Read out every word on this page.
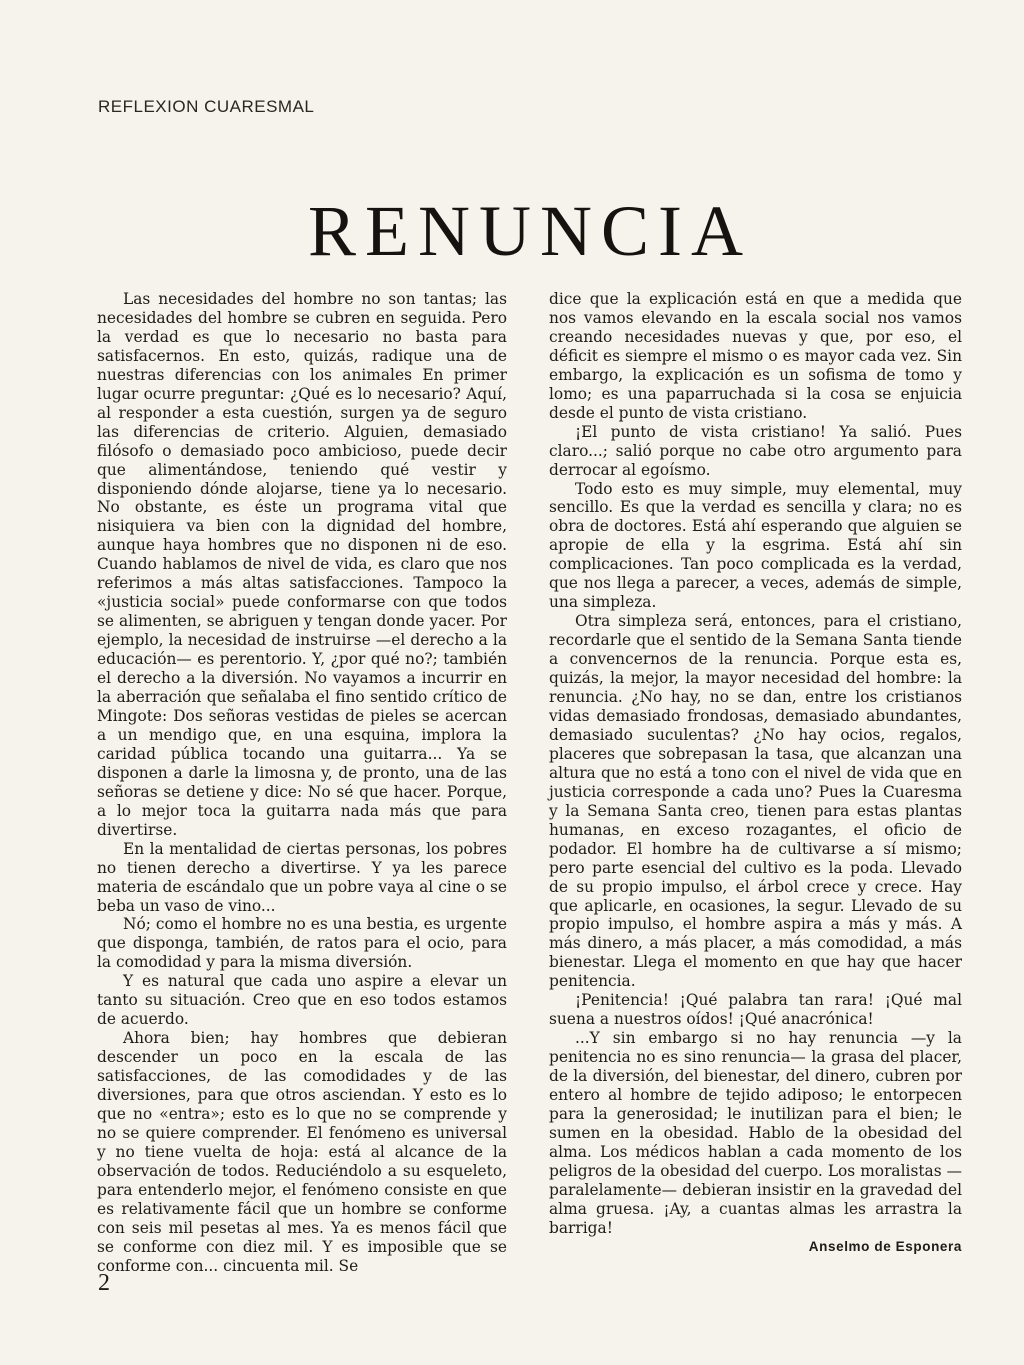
REFLEXION CUARESMAL
RENUNCIA

Las necesidades del hombre no son tantas; las necesidades del hombre se cubren en seguida. Pero la verdad es que lo necesario no basta para satisfacernos. En esto, quizás, radique una de nuestras diferencias con los animales En primer lugar ocurre preguntar: ¿Qué es lo necesario? Aquí, al responder a esta cuestión, surgen ya de seguro las diferencias de criterio. Alguien, demasiado filósofo o demasiado poco ambicioso, puede decir que alimentándose, teniendo qué vestir y disponiendo dónde alojarse, tiene ya lo necesario. No obstante, es éste un programa vital que nisiquiera va bien con la dignidad del hombre, aunque haya hombres que no disponen ni de eso. Cuando hablamos de nivel de vida, es claro que nos referimos a más altas satisfacciones. Tampoco la «justicia social» puede conformarse con que todos se alimenten, se abriguen y tengan donde yacer. Por ejemplo, la necesidad de instruirse —el derecho a la educación— es perentorio. Y, ¿por qué no?; también el derecho a la diversión. No vayamos a incurrir en la aberración que señalaba el fino sentido crítico de Mingote: Dos señoras vestidas de pieles se acercan a un mendigo que, en una esquina, implora la caridad pública tocando una guitarra... Ya se disponen a darle la limosna y, de pronto, una de las señoras se detiene y dice: No sé que hacer. Porque, a lo mejor toca la guitarra nada más que para divertirse.

En la mentalidad de ciertas personas, los pobres no tienen derecho a divertirse. Y ya les parece materia de escándalo que un pobre vaya al cine o se beba un vaso de vino...

Nó; como el hombre no es una bestia, es urgente que disponga, también, de ratos para el ocio, para la comodidad y para la misma diversión.

Y es natural que cada uno aspire a elevar un tanto su situación. Creo que en eso todos estamos de acuerdo.

Ahora bien; hay hombres que debieran descender un poco en la escala de las satisfacciones, de las comodidades y de las diversiones, para que otros asciendan. Y esto es lo que no «entra»; esto es lo que no se comprende y no se quiere comprender. El fenómeno es universal y no tiene vuelta de hoja: está al alcance de la observación de todos. Reduciéndolo a su esqueleto, para entenderlo mejor, el fenómeno consiste en que es relativamente fácil que un hombre se conforme con seis mil pesetas al mes. Ya es menos fácil que se conforme con diez mil. Y es imposible que se conforme con... cincuenta mil. Se

dice que la explicación está en que a medida que nos vamos elevando en la escala social nos vamos creando necesidades nuevas y que, por eso, el déficit es siempre el mismo o es mayor cada vez. Sin embargo, la explicación es un sofisma de tomo y lomo; es una paparruchada si la cosa se enjuicia desde el punto de vista cristiano.

¡El punto de vista cristiano! Ya salió. Pues claro...; salió porque no cabe otro argumento para derrocar al egoísmo.

Todo esto es muy simple, muy elemental, muy sencillo. Es que la verdad es sencilla y clara; no es obra de doctores. Está ahí esperando que alguien se apropie de ella y la esgrima. Está ahí sin complicaciones. Tan poco complicada es la verdad, que nos llega a parecer, a veces, además de simple, una simpleza.

Otra simpleza será, entonces, para el cristiano, recordarle que el sentido de la Semana Santa tiende a convencernos de la renuncia. Porque esta es, quizás, la mejor, la mayor necesidad del hombre: la renuncia. ¿No hay, no se dan, entre los cristianos vidas demasiado frondosas, demasiado abundantes, demasiado suculentas? ¿No hay ocios, regalos, placeres que sobrepasan la tasa, que alcanzan una altura que no está a tono con el nivel de vida que en justicia corresponde a cada uno? Pues la Cuaresma y la Semana Santa creo, tienen para estas plantas humanas, en exceso rozagantes, el oficio de podador. El hombre ha de cultivarse a sí mismo; pero parte esencial del cultivo es la poda. Llevado de su propio impulso, el árbol crece y crece. Hay que aplicarle, en ocasiones, la segur. Llevado de su propio impulso, el hombre aspira a más y más. A más dinero, a más placer, a más comodidad, a más bienestar. Llega el momento en que hay que hacer penitencia.

¡Penitencia! ¡Qué palabra tan rara! ¡Qué mal suena a nuestros oídos! ¡Qué anacrónica!

...Y sin embargo si no hay renuncia —y la penitencia no es sino renuncia— la grasa del placer, de la diversión, del bienestar, del dinero, cubren por entero al hombre de tejido adiposo; le entorpecen para la generosidad; le inutilizan para el bien; le sumen en la obesidad. Hablo de la obesidad del alma. Los médicos hablan a cada momento de los peligros de la obesidad del cuerpo. Los moralistas —paralelamente— debieran insistir en la gravedad del alma gruesa. ¡Ay, a cuantas almas les arrastra la barriga!

Anselmo de Esponera

2
